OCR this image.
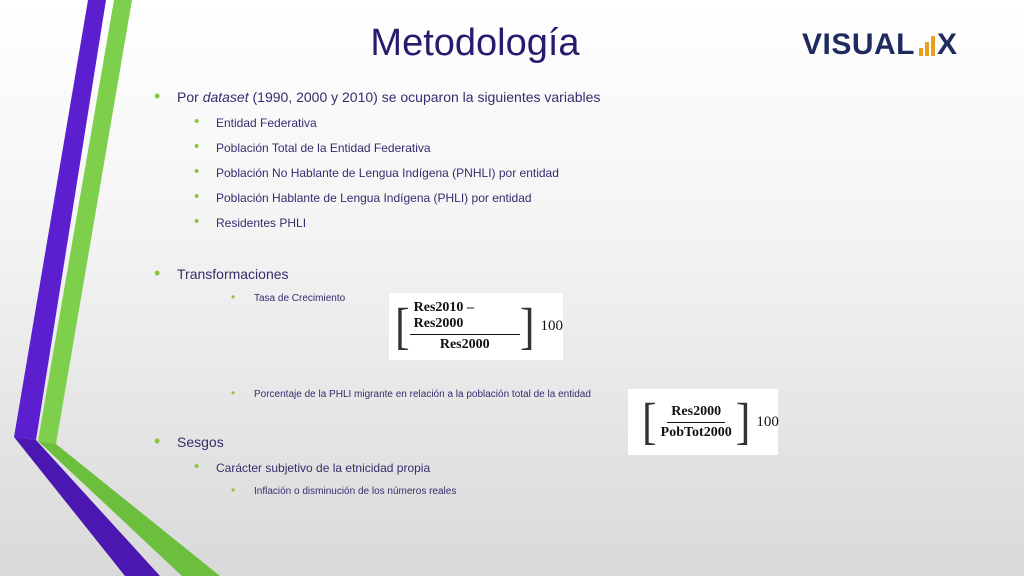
Metodología	VISUAL X
• Por dataset (1990, 2000 y 2010) se ocuparon la siguientes variables
• Entidad Federativa
• Población Total de la Entidad Federativa
• Población No Hablante de Lengua Indígena (PNHLI) por entidad
• Población Hablante de Lengua Indígena (PHLI) por entidad
• Residentes PHLI
• Transformaciones
• Tasa de Crecimiento [ $\frac{\text{Res2010 – Res2000}}{\text{Res2000}}$ ] 100
• Porcentaje de la PHLI migrante en relación a la población total de la entidad [ $\frac{\text{Res2000}}{\text{PobTot2000}}$ ] 100
• Sesgos
• Carácter subjetivo de la etnicidad propia
• Inflación o disminución de los números reales
